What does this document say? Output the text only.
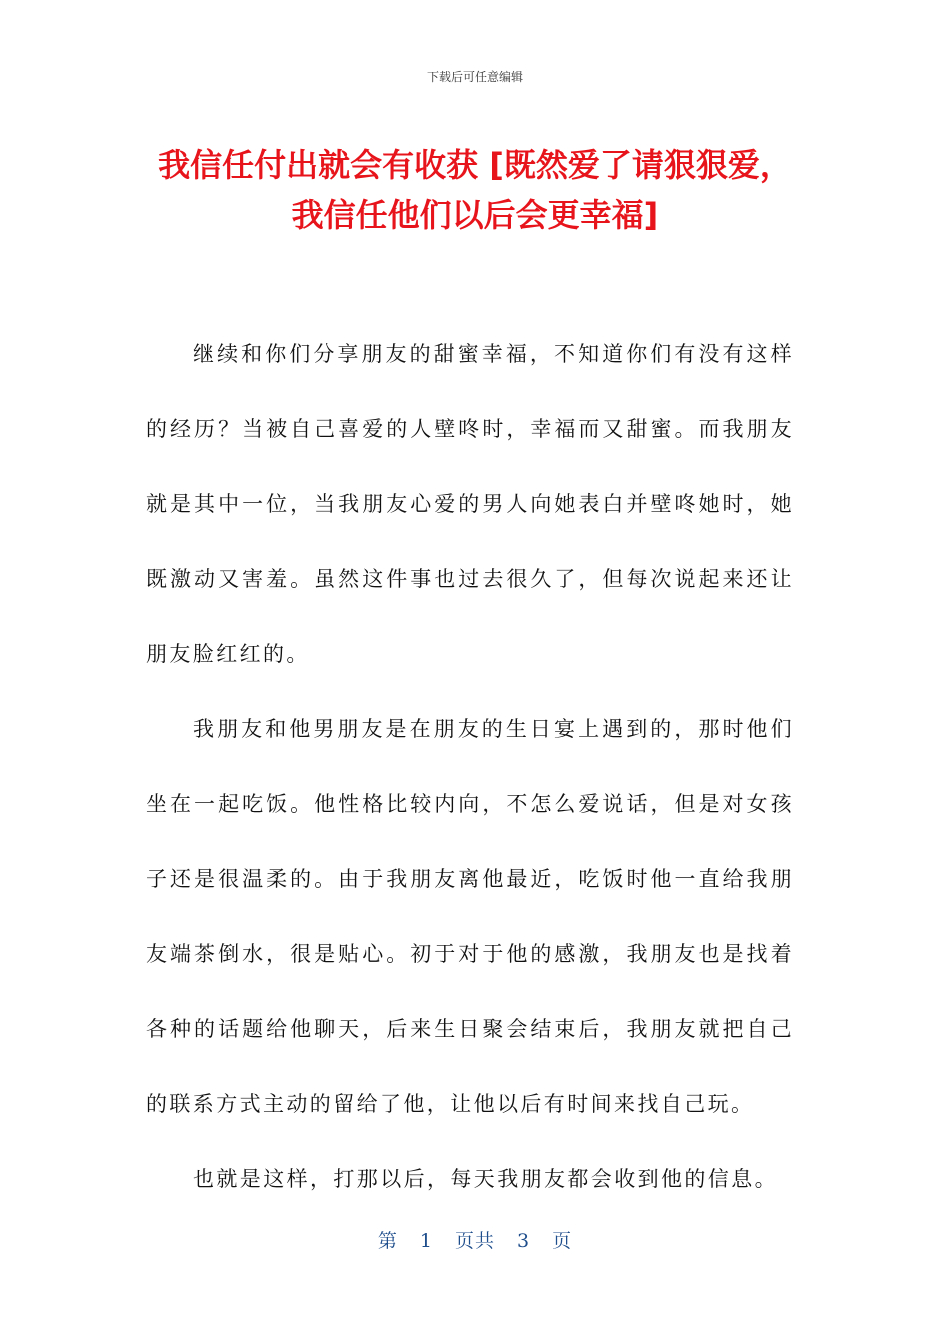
下载后可任意编辑
我信任付出就会有收获 [既然爱了请狠狠爱，
我信任他们以后会更幸福]

继续和你们分享朋友的甜蜜幸福，不知道你们有没有这样的经历？当被自己喜爱的人壁咚时，幸福而又甜蜜。而我朋友就是其中一位，当我朋友心爱的男人向她表白并壁咚她时，她既激动又害羞。虽然这件事也过去很久了，但每次说起来还让朋友脸红红的。

我朋友和他男朋友是在朋友的生日宴上遇到的，那时他们坐在一起吃饭。他性格比较内向，不怎么爱说话，但是对女孩子还是很温柔的。由于我朋友离他最近，吃饭时他一直给我朋友端茶倒水，很是贴心。初于对于他的感激，我朋友也是找着各种的话题给他聊天，后来生日聚会结束后，我朋友就把自己的联系方式主动的留给了他，让他以后有时间来找自己玩。

也就是这样，打那以后，每天我朋友都会收到他的信息。

第 1 页共 3 页
